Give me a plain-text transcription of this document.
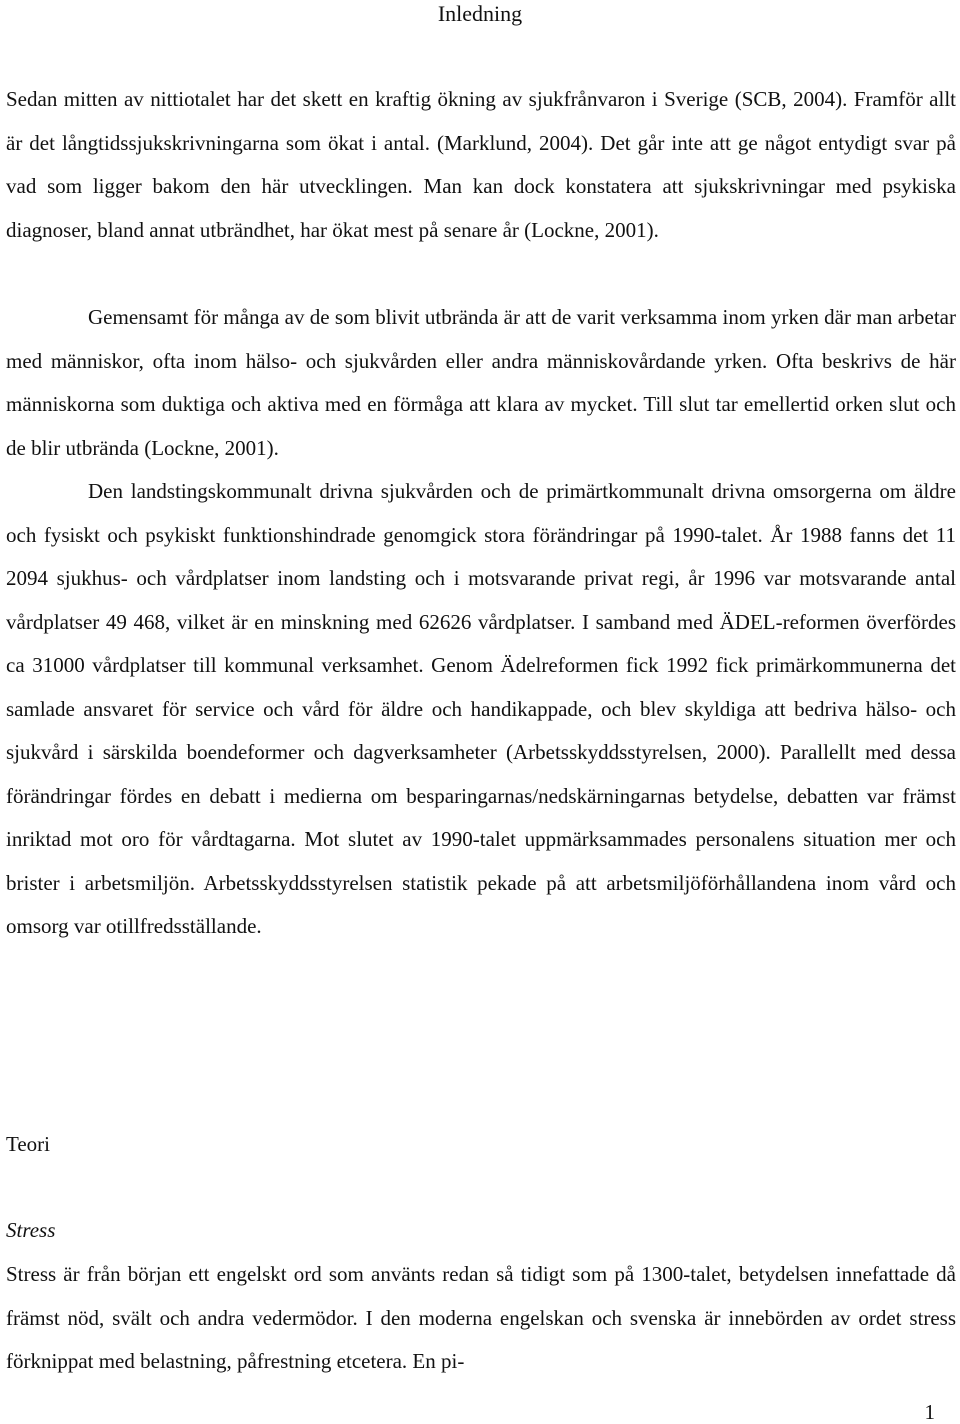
Inledning

Sedan mitten av nittiotalet har det skett en kraftig ökning av sjukfrånvaron i Sverige (SCB, 2004). Framför allt är det långtidssjukskrivningarna som ökat i antal. (Marklund, 2004). Det går inte att ge något entydigt svar på vad som ligger bakom den här utvecklingen. Man kan dock konstatera att sjukskrivningar med psykiska diagnoser, bland annat utbrändhet, har ökat mest på senare år (Lockne, 2001).

Gemensamt för många av de som blivit utbrända är att de varit verksamma inom yrken där man arbetar med människor, ofta inom hälso- och sjukvården eller andra människovårdande yrken. Ofta beskrivs de här människorna som duktiga och aktiva med en förmåga att klara av mycket. Till slut tar emellertid orken slut och de blir utbrända (Lockne, 2001).

Den landstingskommunalt drivna sjukvården och de primärtkommunalt drivna omsorgerna om äldre och fysiskt och psykiskt funktionshindrade genomgick stora förändringar på 1990-talet. År 1988 fanns det 11 2094 sjukhus- och vårdplatser inom landsting och i motsvarande privat regi, år 1996 var motsvarande antal vårdplatser 49 468, vilket är en minskning med 62626 vårdplatser. I samband med ÄDEL-reformen överfördes ca 31000 vårdplatser till kommunal verksamhet. Genom Ädelreformen fick 1992 fick primärkommunerna det samlade ansvaret för service och vård för äldre och handikappade, och blev skyldiga att bedriva hälso- och sjukvård i särskilda boendeformer och dagverksamheter (Arbetsskyddsstyrelsen, 2000). Parallellt med dessa förändringar fördes en debatt i medierna om besparingarnas/nedskärningarnas betydelse, debatten var främst inriktad mot oro för vårdtagarna. Mot slutet av 1990-talet uppmärksammades personalens situation mer och brister i arbetsmiljön. Arbetsskyddsstyrelsen statistik pekade på att arbetsmiljöförhållandena inom vård och omsorg var otillfredsställande.

Teori
Stress

Stress är från början ett engelskt ord som använts redan så tidigt som på 1300-talet, betydelsen innefattade då främst nöd, svält och andra vedermödor. I den moderna engelskan och svenska är innebörden av ordet stress förknippat med belastning, påfrestning etcetera. En pi-

1
